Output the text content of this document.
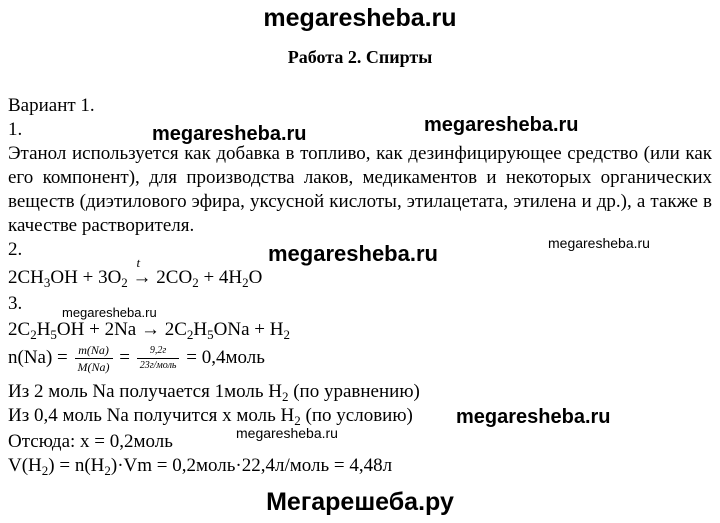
megaresheba.ru
Работа 2. Спирты
Вариант 1.
1.
Этанол используется как добавка в топливо, как дезинфицирующее средство (или как его компонент), для производства лаков, медикаментов и некоторых органических веществ (диэтилового эфира, уксусной кислоты, этилацетата, этилена и др.), а также в качестве растворителя.
2.
$2CH_3OH + 3O_2$
t
→ $2CO_2 + 4H_2O$
3.
$2C_2H_5OH + 2Na \to 2C_2H_5ONa + H_2$
$n(Na) = \frac{m(Na)}{M(Na)} = \frac{9,2г}{\text{23г/моль}}$ = 0,4моль
Из 2 моль Na получается 1моль $H_2$ (по уравнению)
Из 0,4 моль Na получится x моль $H_2$ (по условию)
Отсюда: x = 0,2моль
$V(H_2) = n(H_2)\cdot Vm$ = 0,2моль·22,4л/моль = 4,48л
megaresheba.ru
megaresheba.ru
megaresheba.ru
megaresheba.ru
megaresheba.ru
megaresheba.ru
megaresheba.ru
Мегарешеба.ру
